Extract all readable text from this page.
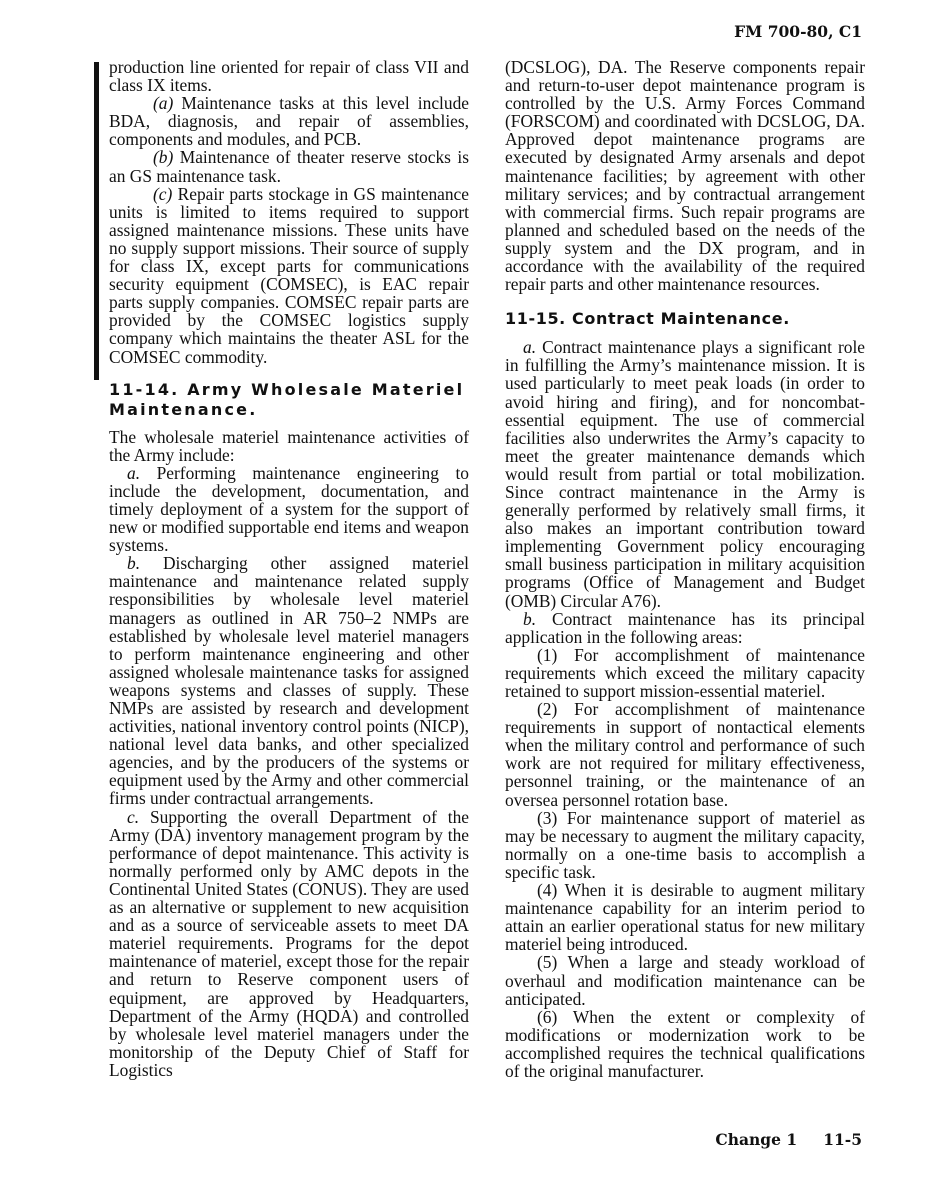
FM 700-80, C1

production line oriented for repair of class VII and class IX items.

(a) Maintenance tasks at this level include BDA, diagnosis, and repair of assemblies, components and modules, and PCB.

(b) Maintenance of theater reserve stocks is an GS maintenance task.

(c) Repair parts stockage in GS maintenance units is limited to items required to support assigned maintenance missions. These units have no supply support missions. Their source of supply for class IX, except parts for communications security equipment (COMSEC), is EAC repair parts supply companies. COMSEC repair parts are provided by the COMSEC logistics supply company which maintains the theater ASL for the COMSEC commodity.

11-14. Army Wholesale Materiel Maintenance.

The wholesale materiel maintenance activities of the Army include:

a. Performing maintenance engineering to include the development, documentation, and timely deployment of a system for the support of new or modified supportable end items and weapon systems.

b. Discharging other assigned materiel maintenance and maintenance related supply responsibilities by wholesale level materiel managers as outlined in AR 750–2 NMPs are established by wholesale level materiel managers to perform maintenance engineering and other assigned wholesale maintenance tasks for assigned weapons systems and classes of supply. These NMPs are assisted by research and development activities, national inventory control points (NICP), national level data banks, and other specialized agencies, and by the producers of the systems or equipment used by the Army and other commercial firms under contractual arrangements.

c. Supporting the overall Department of the Army (DA) inventory management program by the performance of depot maintenance. This activity is normally performed only by AMC depots in the Continental United States (CONUS). They are used as an alternative or supplement to new acquisition and as a source of serviceable assets to meet DA materiel requirements. Programs for the depot maintenance of materiel, except those for the repair and return to Reserve component users of equipment, are approved by Headquarters, Department of the Army (HQDA) and controlled by wholesale level materiel managers under the monitorship of the Deputy Chief of Staff for Logistics

(DCSLOG), DA. The Reserve components repair and return-to-user depot maintenance program is controlled by the U.S. Army Forces Command (FORSCOM) and coordinated with DCSLOG, DA. Approved depot maintenance programs are executed by designated Army arsenals and depot maintenance facilities; by agreement with other military services; and by contractual arrangement with commercial firms. Such repair programs are planned and scheduled based on the needs of the supply system and the DX program, and in accordance with the availability of the required repair parts and other maintenance resources.

11-15. Contract Maintenance.

a. Contract maintenance plays a significant role in fulfilling the Army’s maintenance mission. It is used particularly to meet peak loads (in order to avoid hiring and firing), and for noncombat-essential equipment. The use of commercial facilities also underwrites the Army’s capacity to meet the greater maintenance demands which would result from partial or total mobilization. Since contract maintenance in the Army is generally performed by relatively small firms, it also makes an important contribution toward implementing Government policy encouraging small business participation in military acquisition programs (Office of Management and Budget (OMB) Circular A76).

b. Contract maintenance has its principal application in the following areas:

(1) For accomplishment of maintenance requirements which exceed the military capacity retained to support mission-essential materiel.

(2) For accomplishment of maintenance requirements in support of nontactical elements when the military control and performance of such work are not required for military effectiveness, personnel training, or the maintenance of an oversea personnel rotation base.

(3) For maintenance support of materiel as may be necessary to augment the military capacity, normally on a one-time basis to accomplish a specific task.

(4) When it is desirable to augment military maintenance capability for an interim period to attain an earlier operational status for new military materiel being introduced.

(5) When a large and steady workload of overhaul and modification maintenance can be anticipated.

(6) When the extent or complexity of modifications or modernization work to be accomplished requires the technical qualifications of the original manufacturer.

Change 1 11-5
